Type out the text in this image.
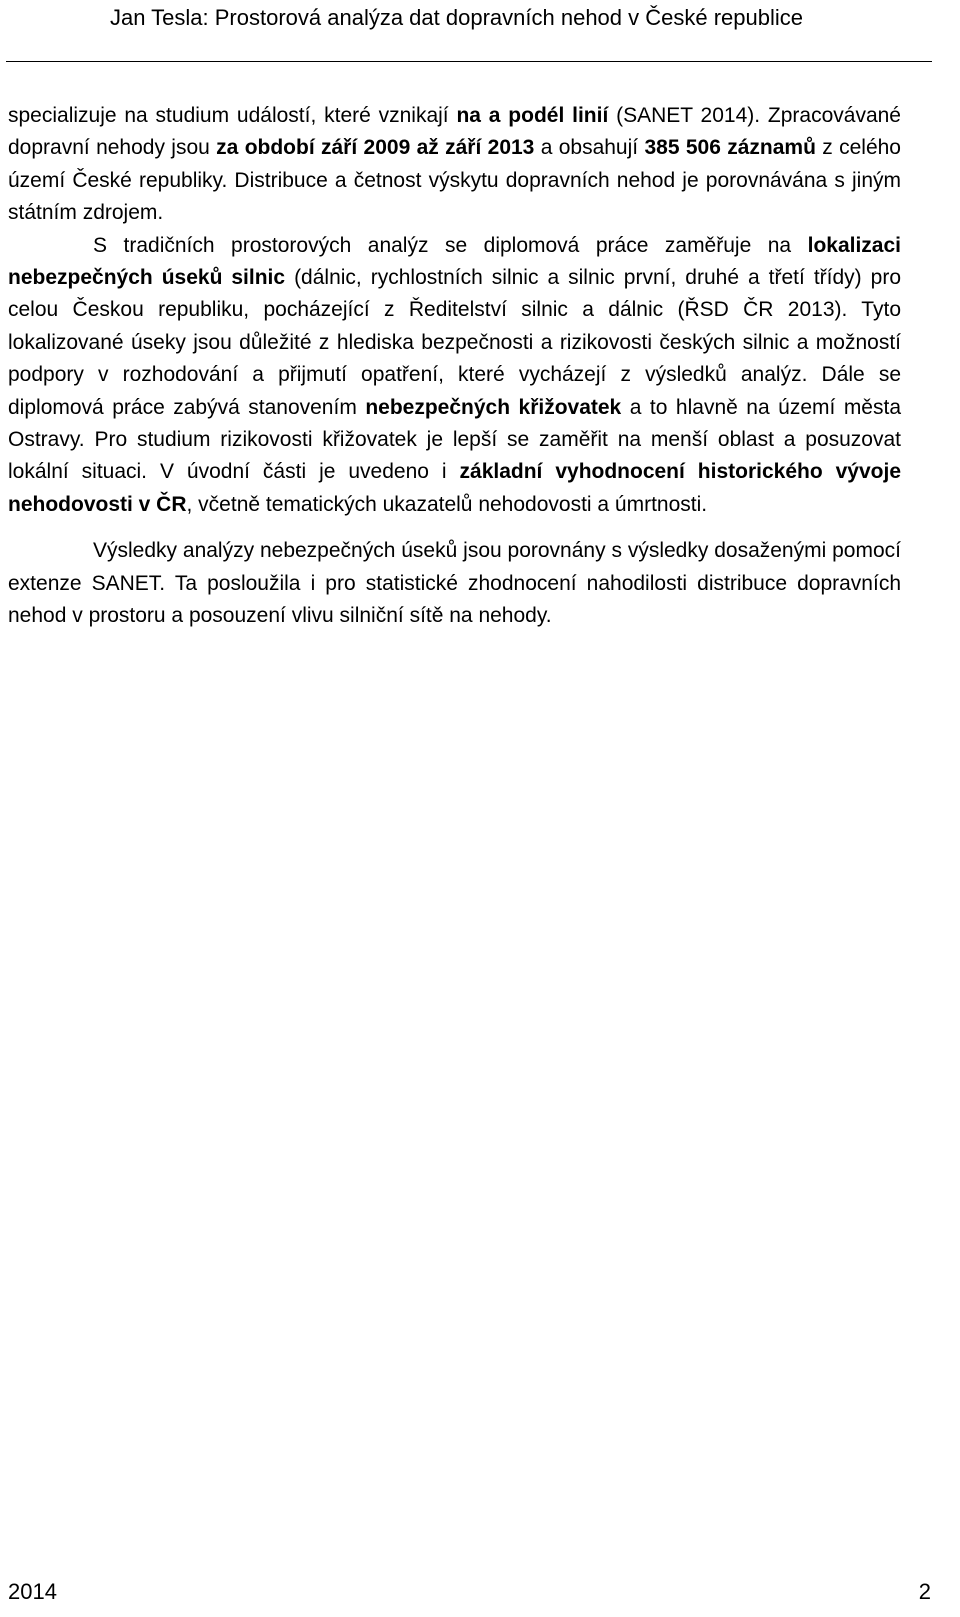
Jan Tesla: Prostorová analýza dat dopravních nehod v České republice

specializuje na studium událostí, které vznikají na a podél linií (SANET 2014). Zpracovávané dopravní nehody jsou za období září 2009 až září 2013 a obsahují 385 506 záznamů z celého území České republiky. Distribuce a četnost výskytu dopravních nehod je porovnávána s jiným státním zdrojem.

S tradičních prostorových analýz se diplomová práce zaměřuje na lokalizaci nebezpečných úseků silnic (dálnic, rychlostních silnic a silnic první, druhé a třetí třídy) pro celou Českou republiku, pocházející z Ředitelství silnic a dálnic (ŘSD ČR 2013). Tyto lokalizované úseky jsou důležité z hlediska bezpečnosti a rizikovosti českých silnic a možností podpory v rozhodování a přijmutí opatření, které vycházejí z výsledků analýz. Dále se diplomová práce zabývá stanovením nebezpečných křižovatek a to hlavně na území města Ostravy. Pro studium rizikovosti křižovatek je lepší se zaměřit na menší oblast a posuzovat lokální situaci. V úvodní části je uvedeno i základní vyhodnocení historického vývoje nehodovosti v ČR, včetně tematických ukazatelů nehodovosti a úmrtnosti.

Výsledky analýzy nebezpečných úseků jsou porovnány s výsledky dosaženými pomocí extenze SANET. Ta posloužila i pro statistické zhodnocení nahodilosti distribuce dopravních nehod v prostoru a posouzení vlivu silniční sítě na nehody.

2014	2
